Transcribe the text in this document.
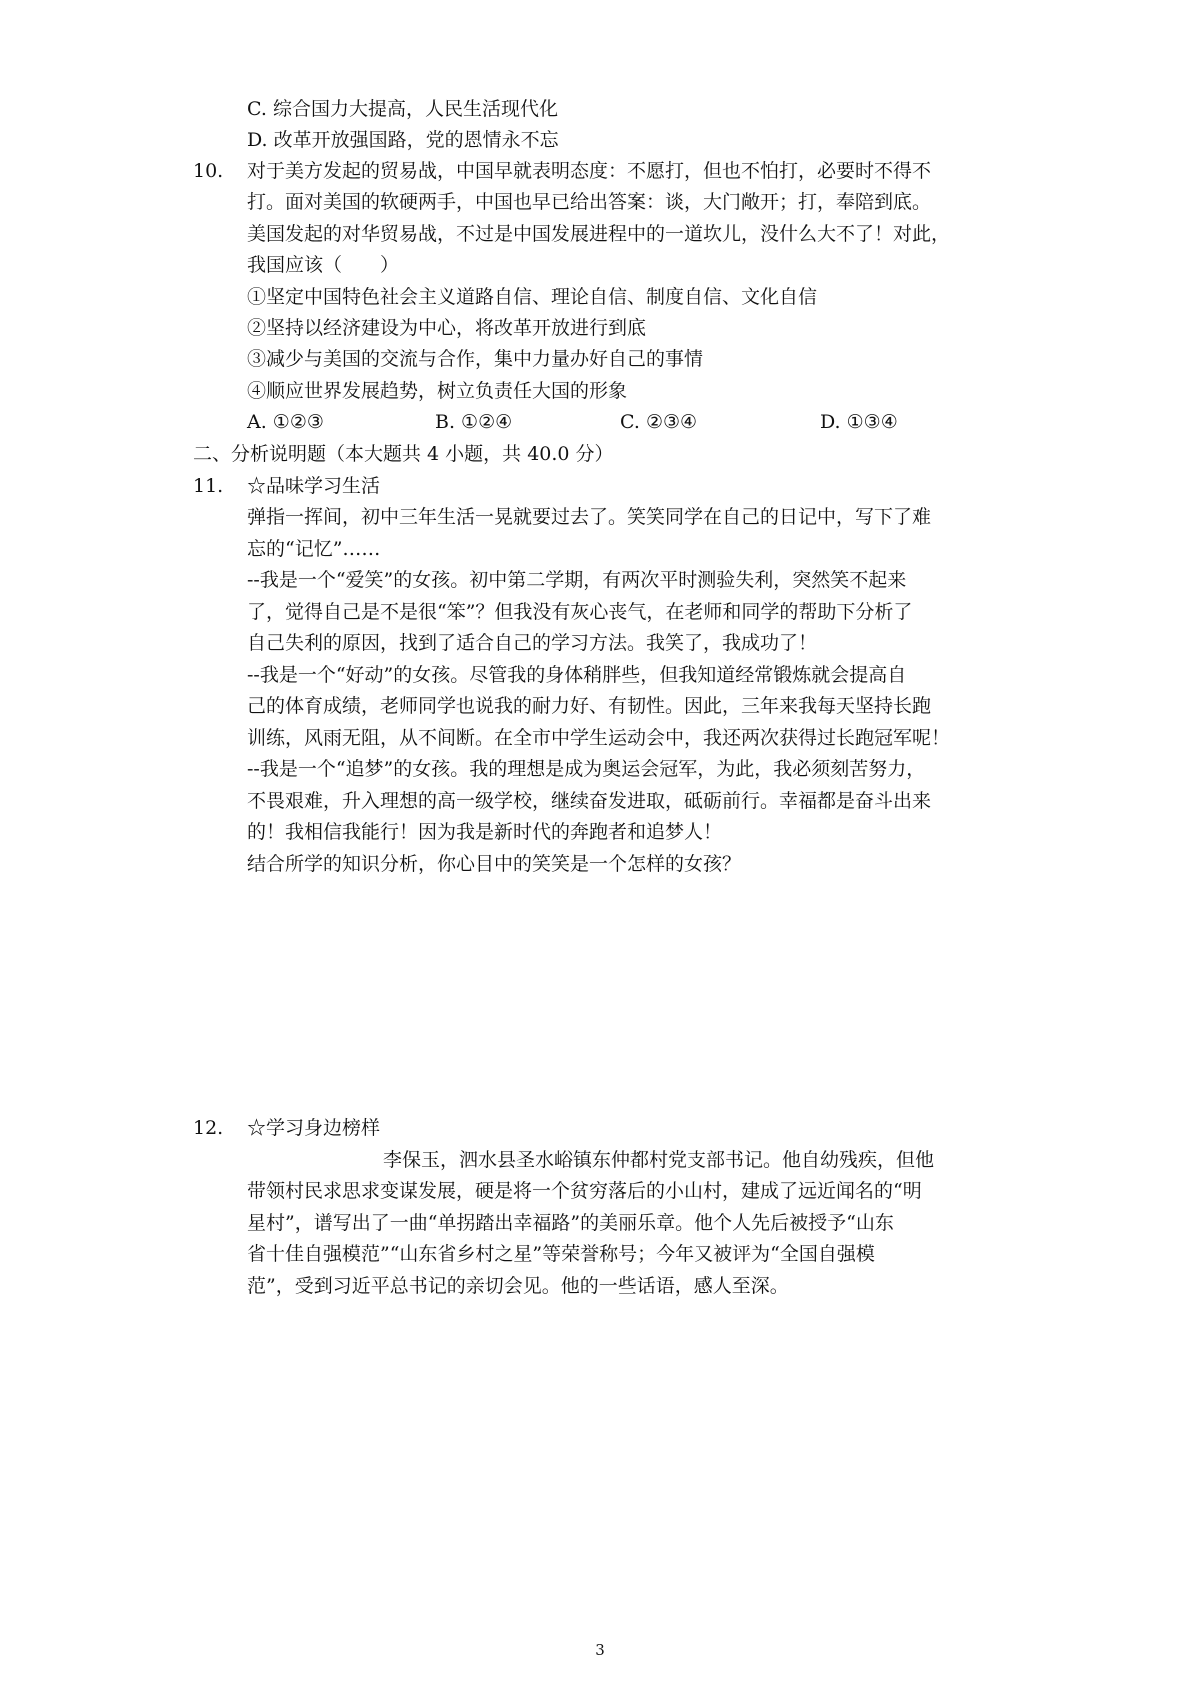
C. 综合国力大提高，人民生活现代化
D. 改革开放强国路，党的恩情永不忘
10. 对于美方发起的贸易战，中国早就表明态度：不愿打，但也不怕打，必要时不得不
打。面对美国的软硬两手，中国也早已给出答案：谈，大门敞开；打，奉陪到底。
美国发起的对华贸易战，不过是中国发展进程中的一道坎儿，没什么大不了！对此，
我国应该（　　）
①坚定中国特色社会主义道路自信、理论自信、制度自信、文化自信
②坚持以经济建设为中心，将改革开放进行到底
③减少与美国的交流与合作，集中力量办好自己的事情
④顺应世界发展趋势，树立负责任大国的形象
A. ①②③	B. ①②④	C. ②③④	D. ①③④
二、分析说明题（本大题共 4 小题，共 40.0 分）
11. ☆品味学习生活
弹指一挥间，初中三年生活一晃就要过去了。笑笑同学在自己的日记中，写下了难
忘的“记忆”……
--我是一个“爱笑”的女孩。初中第二学期，有两次平时测验失利，突然笑不起来
了，觉得自己是不是很“笨”？但我没有灰心丧气，在老师和同学的帮助下分析了
自己失利的原因，找到了适合自己的学习方法。我笑了，我成功了！
--我是一个“好动”的女孩。尽管我的身体稍胖些，但我知道经常锻炼就会提高自
己的体育成绩，老师同学也说我的耐力好、有韧性。因此，三年来我每天坚持长跑
训练，风雨无阻，从不间断。在全市中学生运动会中，我还两次获得过长跑冠军呢！
--我是一个“追梦”的女孩。我的理想是成为奥运会冠军，为此，我必须刻苦努力，
不畏艰难，升入理想的高一级学校，继续奋发进取，砥砺前行。幸福都是奋斗出来
的！我相信我能行！因为我是新时代的奔跑者和追梦人！
结合所学的知识分析，你心目中的笑笑是一个怎样的女孩？
12. ☆学习身边榜样
李保玉，泗水县圣水峪镇东仲都村党支部书记。他自幼残疾，但他
带领村民求思求变谋发展，硬是将一个贫穷落后的小山村，建成了远近闻名的“明
星村”，谱写出了一曲“单拐踏出幸福路”的美丽乐章。他个人先后被授予“山东
省十佳自强模范”“山东省乡村之星”等荣誉称号；今年又被评为“全国自强模
范”，受到习近平总书记的亲切会见。他的一些话语，感人至深。
3
